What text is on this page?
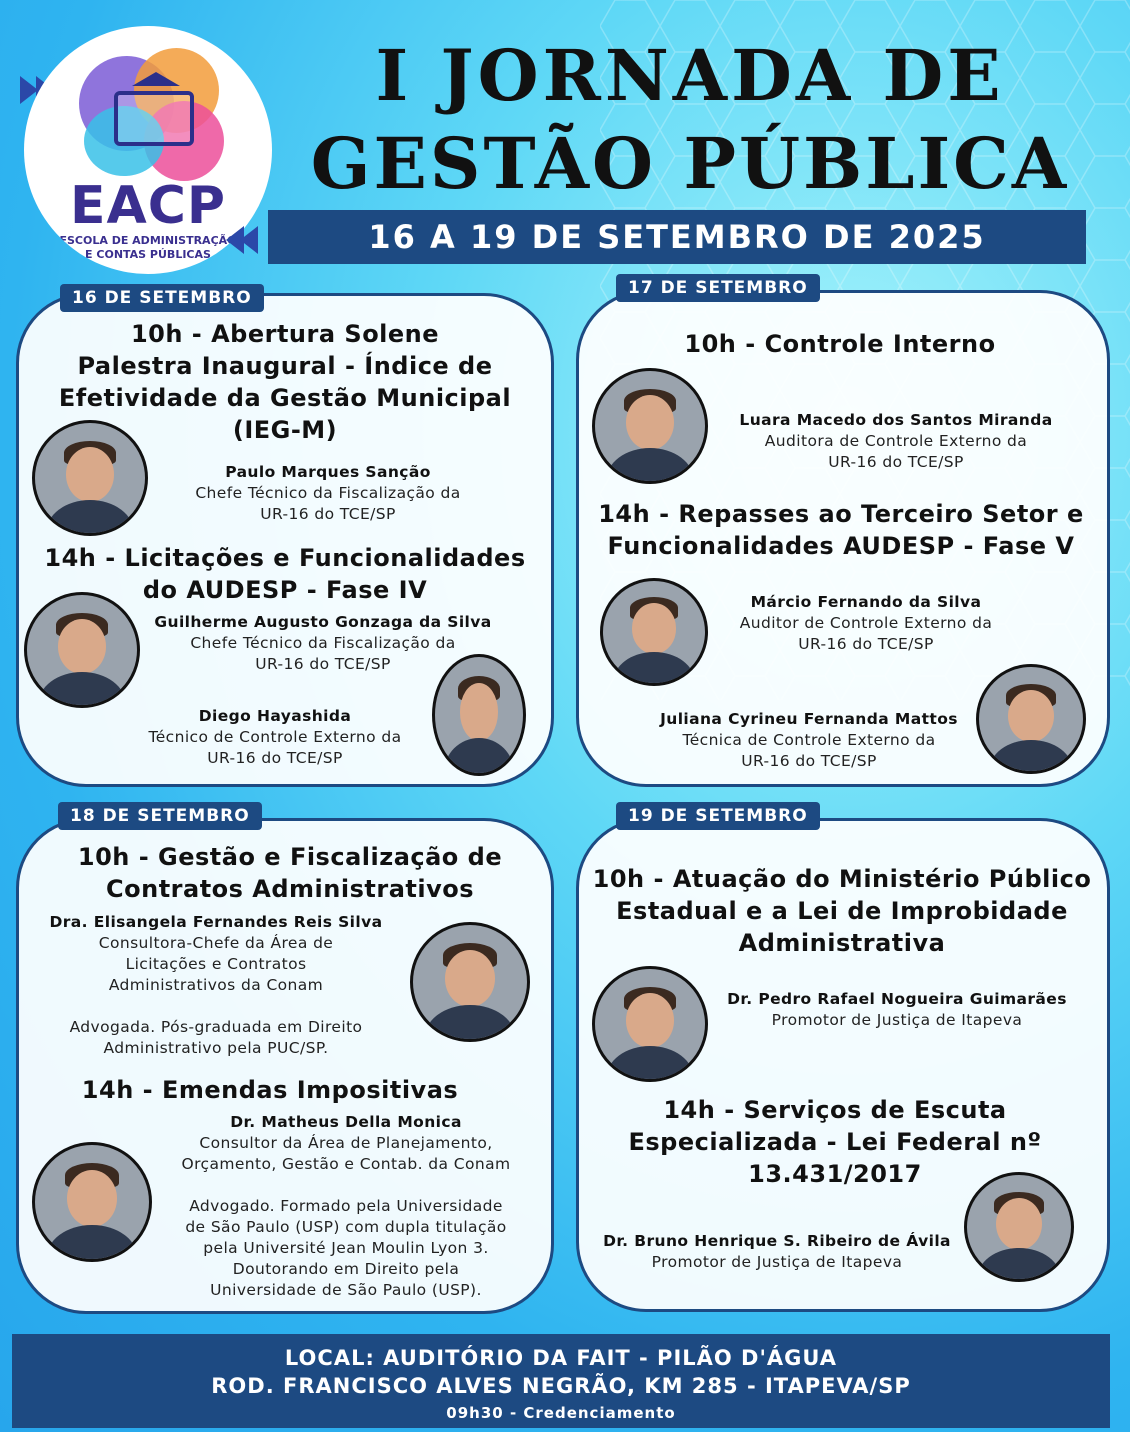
EACP
ESCOLA DE ADMINISTRAÇÃO
E CONTAS PÚBLICAS
I JORNADA DE
GESTÃO PÚBLICA
16 A 19 DE SETEMBRO DE 2025
16 DE SETEMBRO
10h - Abertura Solene
Palestra Inaugural - Índice de
Efetividade da Gestão Municipal
(IEG-M)
Paulo Marques Sanção
Chefe Técnico da Fiscalização da
UR-16 do TCE/SP
14h - Licitações e Funcionalidades
do AUDESP - Fase IV
Guilherme Augusto Gonzaga da Silva
Chefe Técnico da Fiscalização da
UR-16 do TCE/SP
Diego Hayashida
Técnico de Controle Externo da
UR-16 do TCE/SP
17 DE SETEMBRO
10h - Controle Interno
Luara Macedo dos Santos Miranda
Auditora de Controle Externo da
UR-16 do TCE/SP
14h - Repasses ao Terceiro Setor e
Funcionalidades AUDESP - Fase V
Márcio Fernando da Silva
Auditor de Controle Externo da
UR-16 do TCE/SP
Juliana Cyrineu Fernanda Mattos
Técnica de Controle Externo da
UR-16 do TCE/SP
18 DE SETEMBRO
10h - Gestão e Fiscalização de
Contratos Administrativos
Dra. Elisangela Fernandes Reis Silva
Consultora-Chefe da Área de
Licitações e Contratos
Administrativos da Conam
Advogada. Pós-graduada em Direito
Administrativo pela PUC/SP.
14h - Emendas Impositivas
Dr. Matheus Della Monica
Consultor da Área de Planejamento,
Orçamento, Gestão e Contab. da Conam
Advogado. Formado pela Universidade
de São Paulo (USP) com dupla titulação
pela Université Jean Moulin Lyon 3.
Doutorando em Direito pela
Universidade de São Paulo (USP).
19 DE SETEMBRO
10h - Atuação do Ministério Público
Estadual e a Lei de Improbidade
Administrativa
Dr. Pedro Rafael Nogueira Guimarães
Promotor de Justiça de Itapeva
14h - Serviços de Escuta
Especializada - Lei Federal nº
13.431/2017
Dr. Bruno Henrique S. Ribeiro de Ávila
Promotor de Justiça de Itapeva
LOCAL: AUDITÓRIO DA FAIT - PILÃO D'ÁGUA
ROD. FRANCISCO ALVES NEGRÃO, KM 285 - ITAPEVA/SP
09h30 - Credenciamento
